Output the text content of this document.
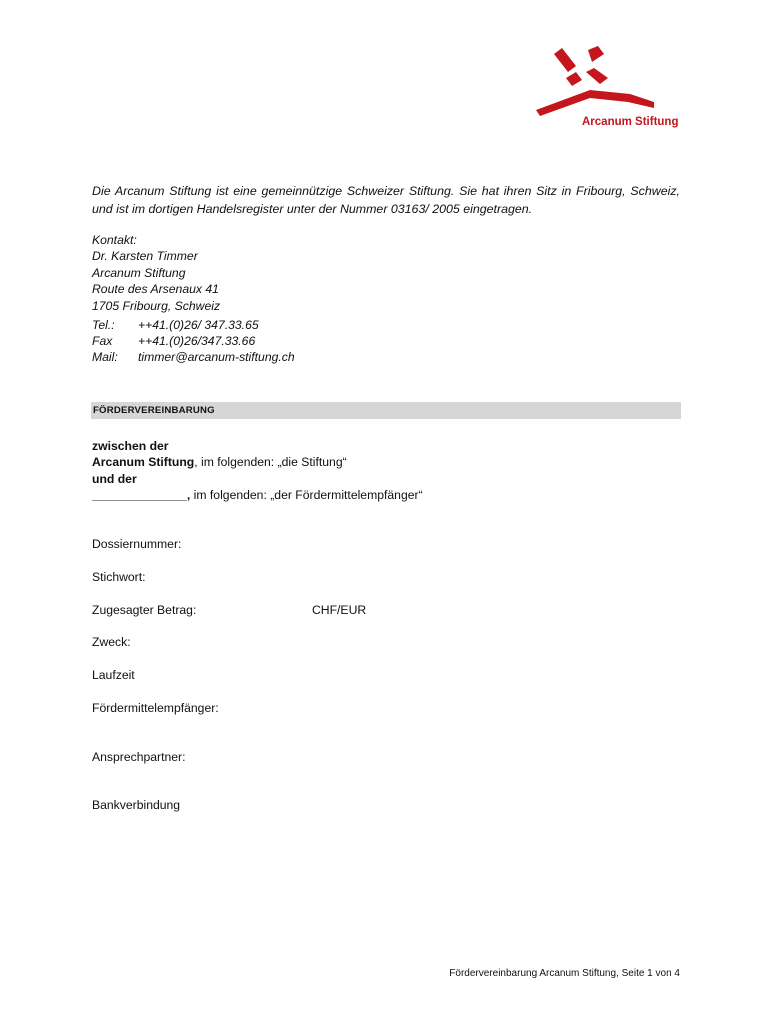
Arcanum Stiftung
Die Arcanum Stiftung ist eine gemeinnützige Schweizer Stiftung. Sie hat ihren Sitz in Fribourg, Schweiz, und ist im dortigen Handelsregister unter der Nummer 03163/ 2005 eingetragen.
Kontakt:
Dr. Karsten Timmer
Arcanum Stiftung
Route des Arsenaux 41
1705 Fribourg, Schweiz
Tel.: ++41.(0)26/ 347.33.65
Fax ++41.(0)26/347.33.66
Mail: timmer@arcanum-stiftung.ch
FÖRDERVEREINBARUNG
zwischen der
Arcanum Stiftung, im folgenden: „die Stiftung“
und der
______________, im folgenden: „der Fördermittelempfänger“
Dossiernummer:
Stichwort:
Zugesagter Betrag:	CHF/EUR
Zweck:
Laufzeit
Fördermittelempfänger:
Ansprechpartner:
Bankverbindung
Fördervereinbarung Arcanum Stiftung, Seite 1 von 4
